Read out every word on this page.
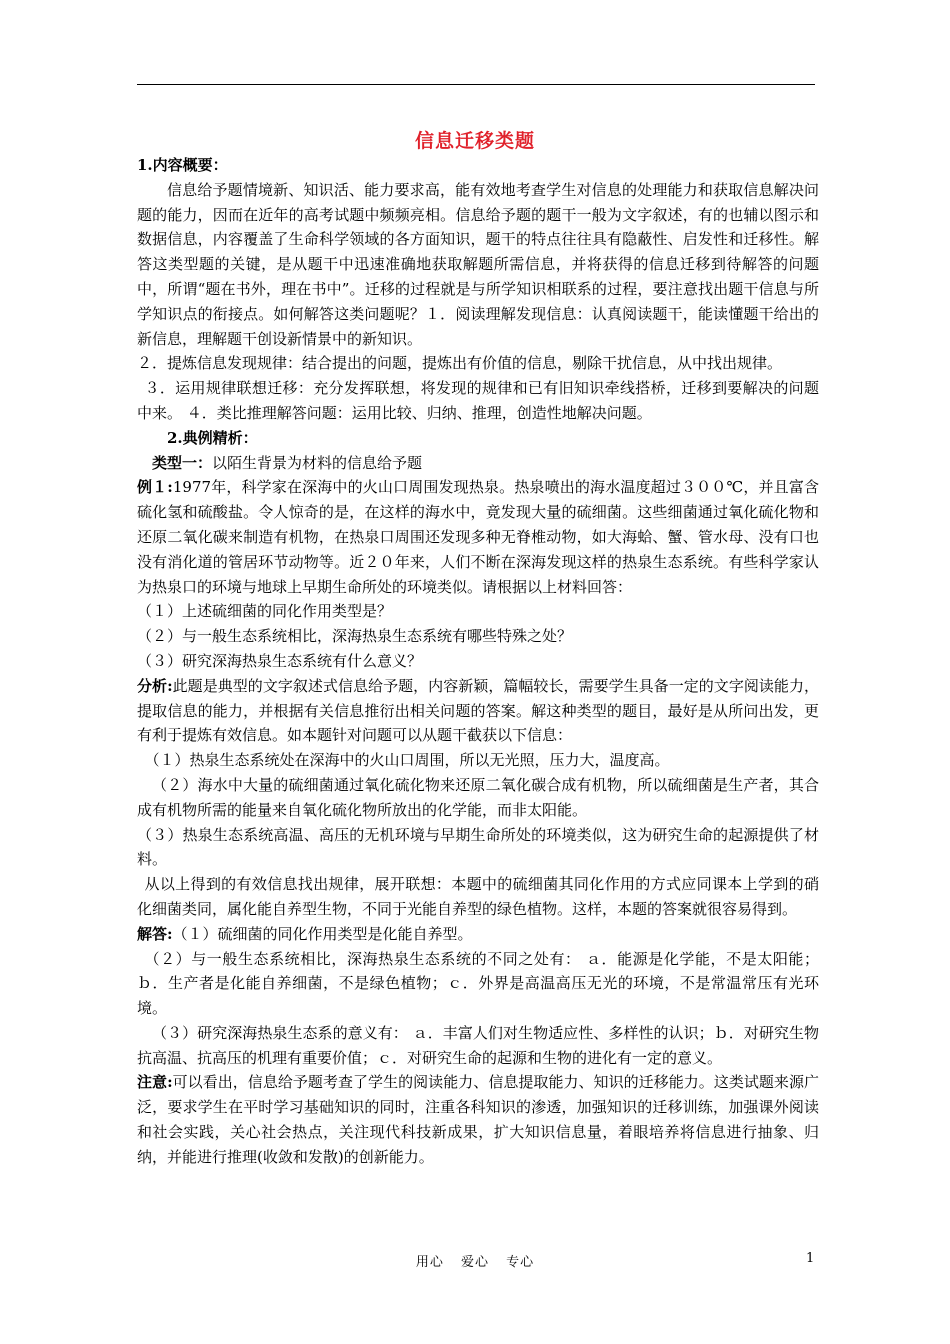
信息迁移类题

1.内容概要：

信息给予题情境新、知识活、能力要求高，能有效地考查学生对信息的处理能力和获取信息解决问题的能力，因而在近年的高考试题中频频亮相。信息给予题的题干一般为文字叙述，有的也辅以图示和数据信息，内容覆盖了生命科学领域的各方面知识，题干的特点往往具有隐蔽性、启发性和迁移性。解答这类型题的关键，是从题干中迅速准确地获取解题所需信息，并将获得的信息迁移到待解答的问题中，所谓“题在书外，理在书中”。迁移的过程就是与所学知识相联系的过程，要注意找出题干信息与所学知识点的衔接点。如何解答这类问题呢？１．阅读理解发现信息：认真阅读题干，能读懂题干给出的新信息，理解题干创设新情景中的新知识。

２．提炼信息发现规律：结合提出的问题，提炼出有价值的信息，剔除干扰信息，从中找出规律。

３．运用规律联想迁移：充分发挥联想，将发现的规律和已有旧知识牵线搭桥，迁移到要解决的问题中来。 ４．类比推理解答问题：运用比较、归纳、推理，创造性地解决问题。

2.典例精析：

类型一：以陌生背景为材料的信息给予题

例１:1977年，科学家在深海中的火山口周围发现热泉。热泉喷出的海水温度超过３００℃，并且富含硫化氢和硫酸盐。令人惊奇的是，在这样的海水中，竟发现大量的硫细菌。这些细菌通过氧化硫化物和还原二氧化碳来制造有机物，在热泉口周围还发现多种无脊椎动物，如大海蛤、蟹、管水母、没有口也没有消化道的管居环节动物等。近２０年来，人们不断在深海发现这样的热泉生态系统。有些科学家认为热泉口的环境与地球上早期生命所处的环境类似。请根据以上材料回答：

（１）上述硫细菌的同化作用类型是？

（２）与一般生态系统相比，深海热泉生态系统有哪些特殊之处？

（３）研究深海热泉生态系统有什么意义？

分析:此题是典型的文字叙述式信息给予题，内容新颖，篇幅较长，需要学生具备一定的文字阅读能力，提取信息的能力，并根据有关信息推衍出相关问题的答案。解这种类型的题目，最好是从所问出发，更有利于提炼有效信息。如本题针对问题可以从题干截获以下信息：

（１）热泉生态系统处在深海中的火山口周围，所以无光照，压力大，温度高。

（２）海水中大量的硫细菌通过氧化硫化物来还原二氧化碳合成有机物，所以硫细菌是生产者，其合成有机物所需的能量来自氧化硫化物所放出的化学能，而非太阳能。

（３）热泉生态系统高温、高压的无机环境与早期生命所处的环境类似，这为研究生命的起源提供了材料。

从以上得到的有效信息找出规律，展开联想：本题中的硫细菌其同化作用的方式应同课本上学到的硝化细菌类同，属化能自养型生物，不同于光能自养型的绿色植物。这样，本题的答案就很容易得到。

解答:（１）硫细菌的同化作用类型是化能自养型。

（２）与一般生态系统相比，深海热泉生态系统的不同之处有： ａ．能源是化学能，不是太阳能；ｂ．生产者是化能自养细菌，不是绿色植物；ｃ．外界是高温高压无光的环境，不是常温常压有光环境。

（３）研究深海热泉生态系的意义有： ａ．丰富人们对生物适应性、多样性的认识；ｂ．对研究生物抗高温、抗高压的机理有重要价值；ｃ．对研究生命的起源和生物的进化有一定的意义。

注意:可以看出，信息给予题考查了学生的阅读能力、信息提取能力、知识的迁移能力。这类试题来源广泛，要求学生在平时学习基础知识的同时，注重各科知识的渗透，加强知识的迁移训练，加强课外阅读和社会实践，关心社会热点，关注现代科技新成果，扩大知识信息量，着眼培养将信息进行抽象、归纳，并能进行推理(收敛和发散)的创新能力。

用心 爱心 专心	1
